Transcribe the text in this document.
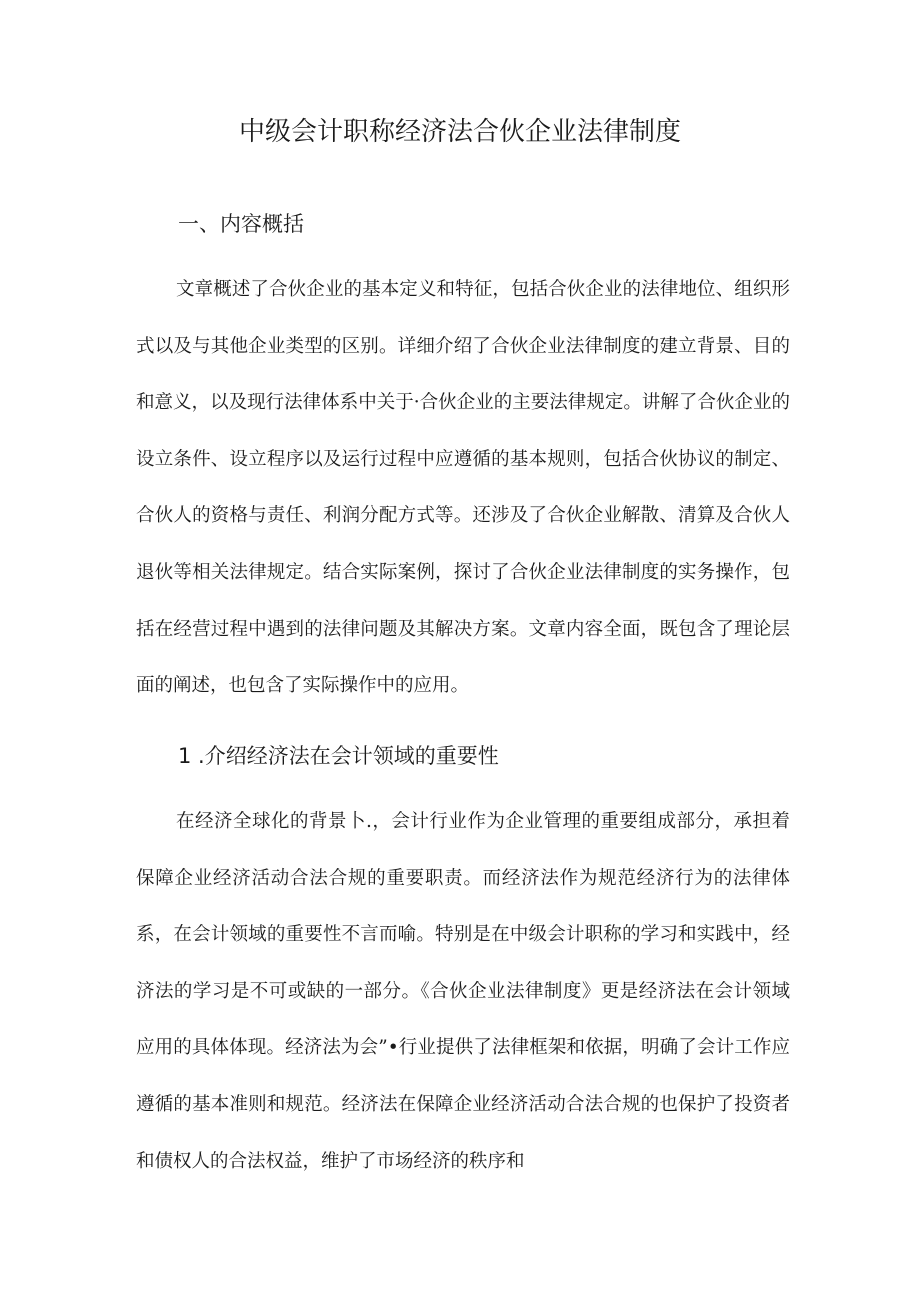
中级会计职称经济法合伙企业法律制度
一、内容概括

文章概述了合伙企业的基本定义和特征，包括合伙企业的法律地位、组织形式以及与其他企业类型的区别。详细介绍了合伙企业法律制度的建立背景、目的和意义，以及现行法律体系中关于·合伙企业的主要法律规定。讲解了合伙企业的设立条件、设立程序以及运行过程中应遵循的基本规则，包括合伙协议的制定、合伙人的资格与责任、利润分配方式等。还涉及了合伙企业解散、清算及合伙人退伙等相关法律规定。结合实际案例，探讨了合伙企业法律制度的实务操作，包括在经营过程中遇到的法律问题及其解决方案。文章内容全面，既包含了理论层面的阐述，也包含了实际操作中的应用。

1 .介绍经济法在会计领域的重要性

在经济全球化的背景卜.，会计行业作为企业管理的重要组成部分，承担着保障企业经济活动合法合规的重要职责。而经济法作为规范经济行为的法律体系，在会计领域的重要性不言而喻。特别是在中级会计职称的学习和实践中，经济法的学习是不可或缺的一部分。《合伙企业法律制度》更是经济法在会计领域应用的具体体现。经济法为会”•行业提供了法律框架和依据，明确了会计工作应遵循的基本准则和规范。经济法在保障企业经济活动合法合规的也保护了投资者和债权人的合法权益，维护了市场经济的秩序和
